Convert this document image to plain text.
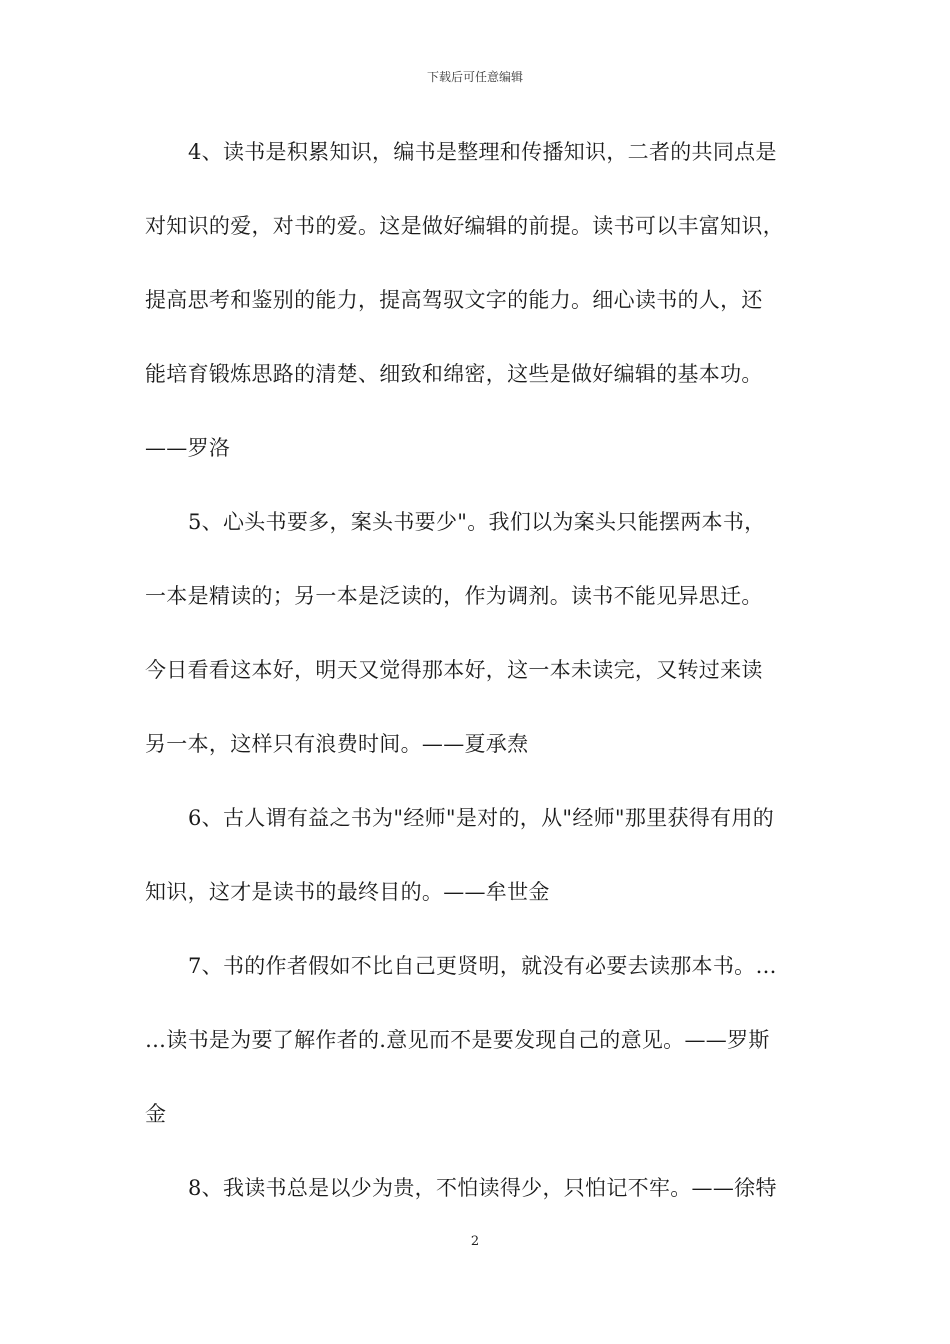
下载后可任意编辑
4、读书是积累知识，编书是整理和传播知识，二者的共同点是
对知识的爱，对书的爱。这是做好编辑的前提。读书可以丰富知识，
提高思考和鉴别的能力，提高驾驭文字的能力。细心读书的人，还
能培育锻炼思路的清楚、细致和绵密，这些是做好编辑的基本功。
——罗洛
5、心头书要多，案头书要少"。我们以为案头只能摆两本书，
一本是精读的；另一本是泛读的，作为调剂。读书不能见异思迁。
今日看看这本好，明天又觉得那本好，这一本未读完，又转过来读
另一本，这样只有浪费时间。——夏承焘
6、古人谓有益之书为"经师"是对的，从"经师"那里获得有用的
知识，这才是读书的最终目的。——牟世金
7、书的作者假如不比自己更贤明，就没有必要去读那本书。…
…读书是为要了解作者的.意见而不是要发现自己的意见。——罗斯
金
8、我读书总是以少为贵，不怕读得少，只怕记不牢。——徐特
2
